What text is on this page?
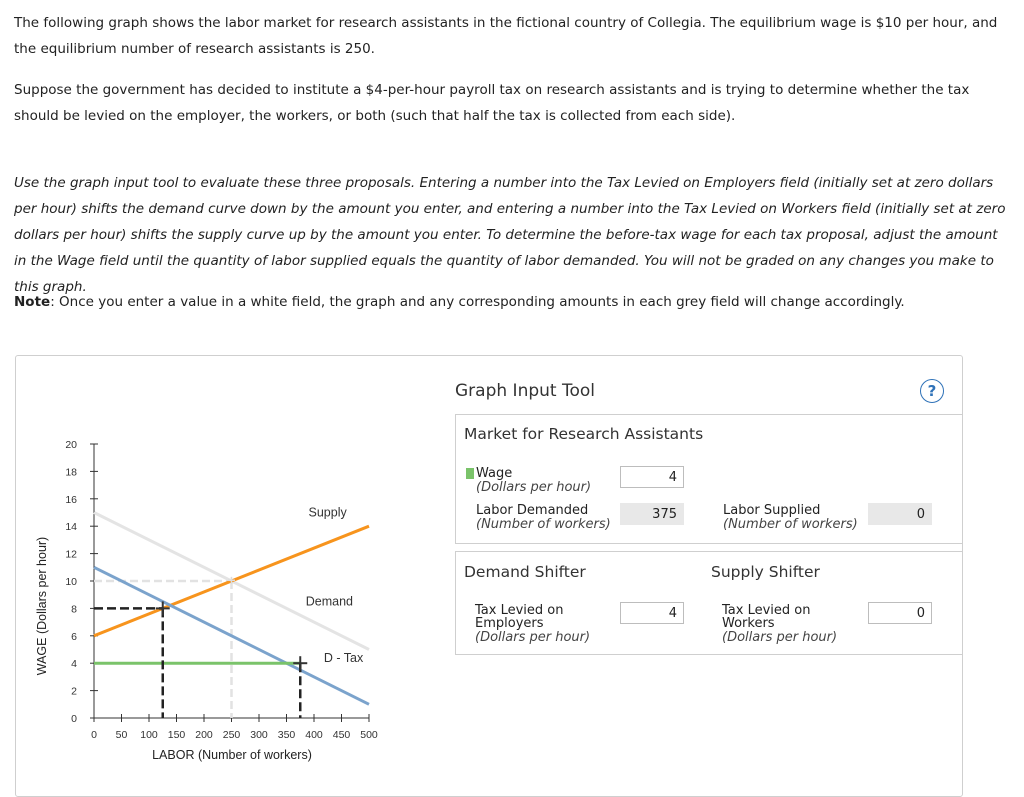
The following graph shows the labor market for research assistants in the fictional country of Collegia. The equilibrium wage is $10 per hour, and the equilibrium number of research assistants is 250.

Suppose the government has decided to institute a $4-per-hour payroll tax on research assistants and is trying to determine whether the tax should be levied on the employer, the workers, or both (such that half the tax is collected from each side).

Use the graph input tool to evaluate these three proposals. Entering a number into the Tax Levied on Employers field (initially set at zero dollars per hour) shifts the demand curve down by the amount you enter, and entering a number into the Tax Levied on Workers field (initially set at zero dollars per hour) shifts the supply curve up by the amount you enter. To determine the before-tax wage for each tax proposal, adjust the amount in the Wage field until the quantity of labor supplied equals the quantity of labor demanded. You will not be graded on any changes you make to this graph.

Note: Once you enter a value in a white field, the graph and any corresponding amounts in each grey field will change accordingly.

0
2
4
6
8
10
12
14
16
18
20
0 50 100 150 200 250 300 350 400 450 500
+
Supply
Demand
D - Tax
WAGE (Dollars per hour)
LABOR (Number of workers)
Graph Input Tool	?
Market for Research Assistants
Wage
(Dollars per hour)
4
Labor Demanded
(Number of workers)
375	Labor Supplied
(Number of workers)
0
Demand Shifter	Supply Shifter
Tax Levied on
Employers
(Dollars per hour)
4	Tax Levied on
Workers
(Dollars per hour)
0
